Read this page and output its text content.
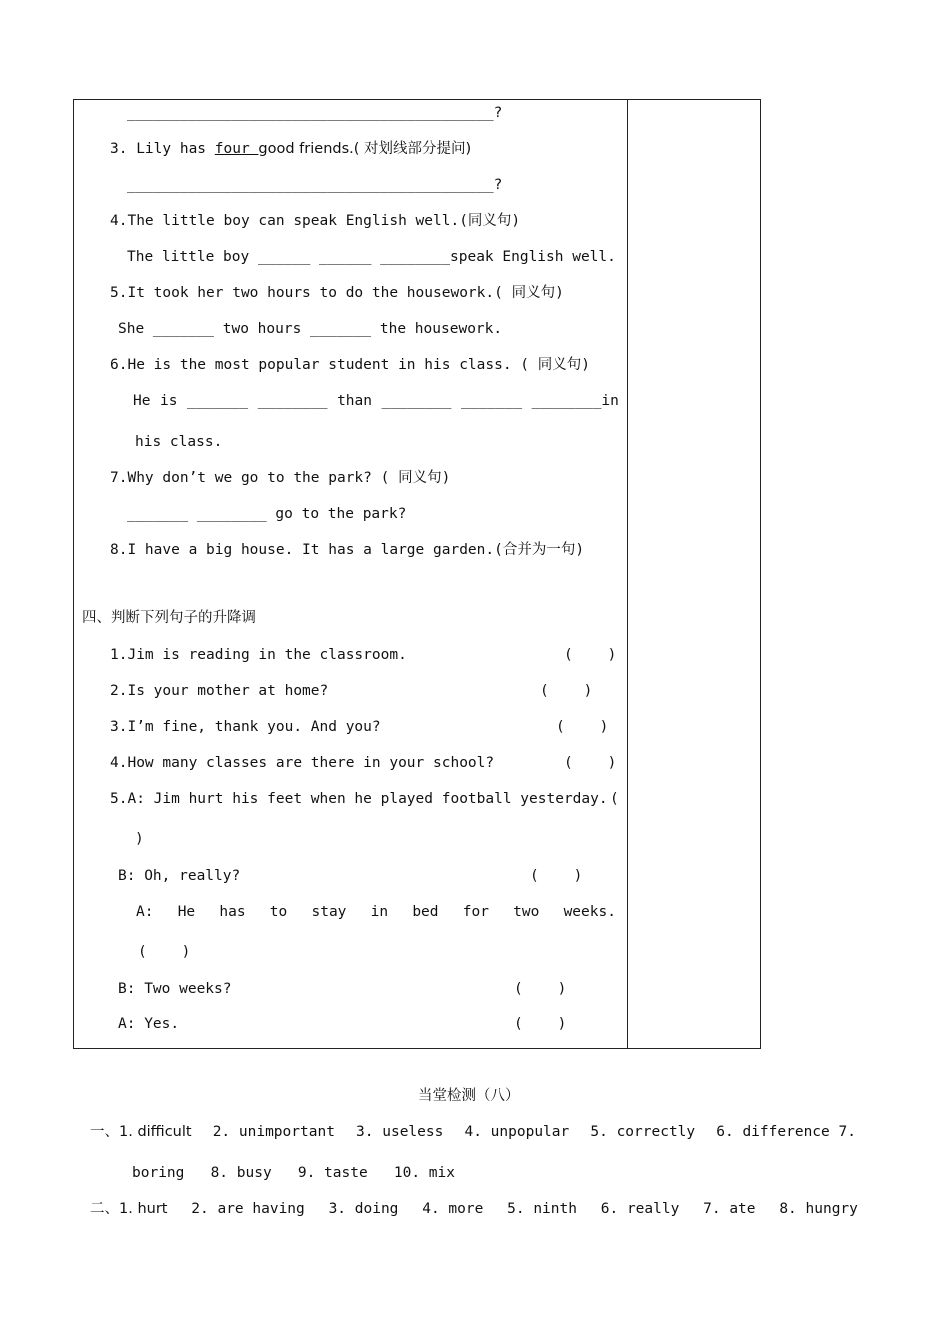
__________________________________________?
3. Lily has four good friends.( 对划线部分提问)
__________________________________________?
4.The little boy can speak English well.(同义句)
The little boy ______ ______ ________speak English well.
5.It took her two hours to do the housework.( 同义句)
She _______ two hours _______ the housework.
6.He is the most popular student in his class. ( 同义句)
He is _______ ________ than ________ _______ ________in
his class.
7.Why don’t we go to the park? ( 同义句)
_______ ________ go to the park?
8.I have a big house. It has a large garden.(合并为一句)
四、判断下列句子的升降调
1.Jim is reading in the classroom.	(    )
2.Is your mother at home?	(    )
3.I’m fine, thank you. And you?	(    )
4.How many classes are there in your school?	(    )
5.A: Jim hurt his feet when he played football yesterday. (
)
B: Oh, really?	(    )
A: He has to stay in bed for two weeks.
(    )
B: Two weeks?	(    )
A: Yes.	(    )
当堂检测（八）
一、1. difficult 2. unimportant 3. useless 4. unpopular 5. correctly 6. difference 7.
boring   8. busy   9. taste   10. mix
二、1. hurt 2. are having 3. doing 4. more 5. ninth 6. really 7. ate 8. hungry
